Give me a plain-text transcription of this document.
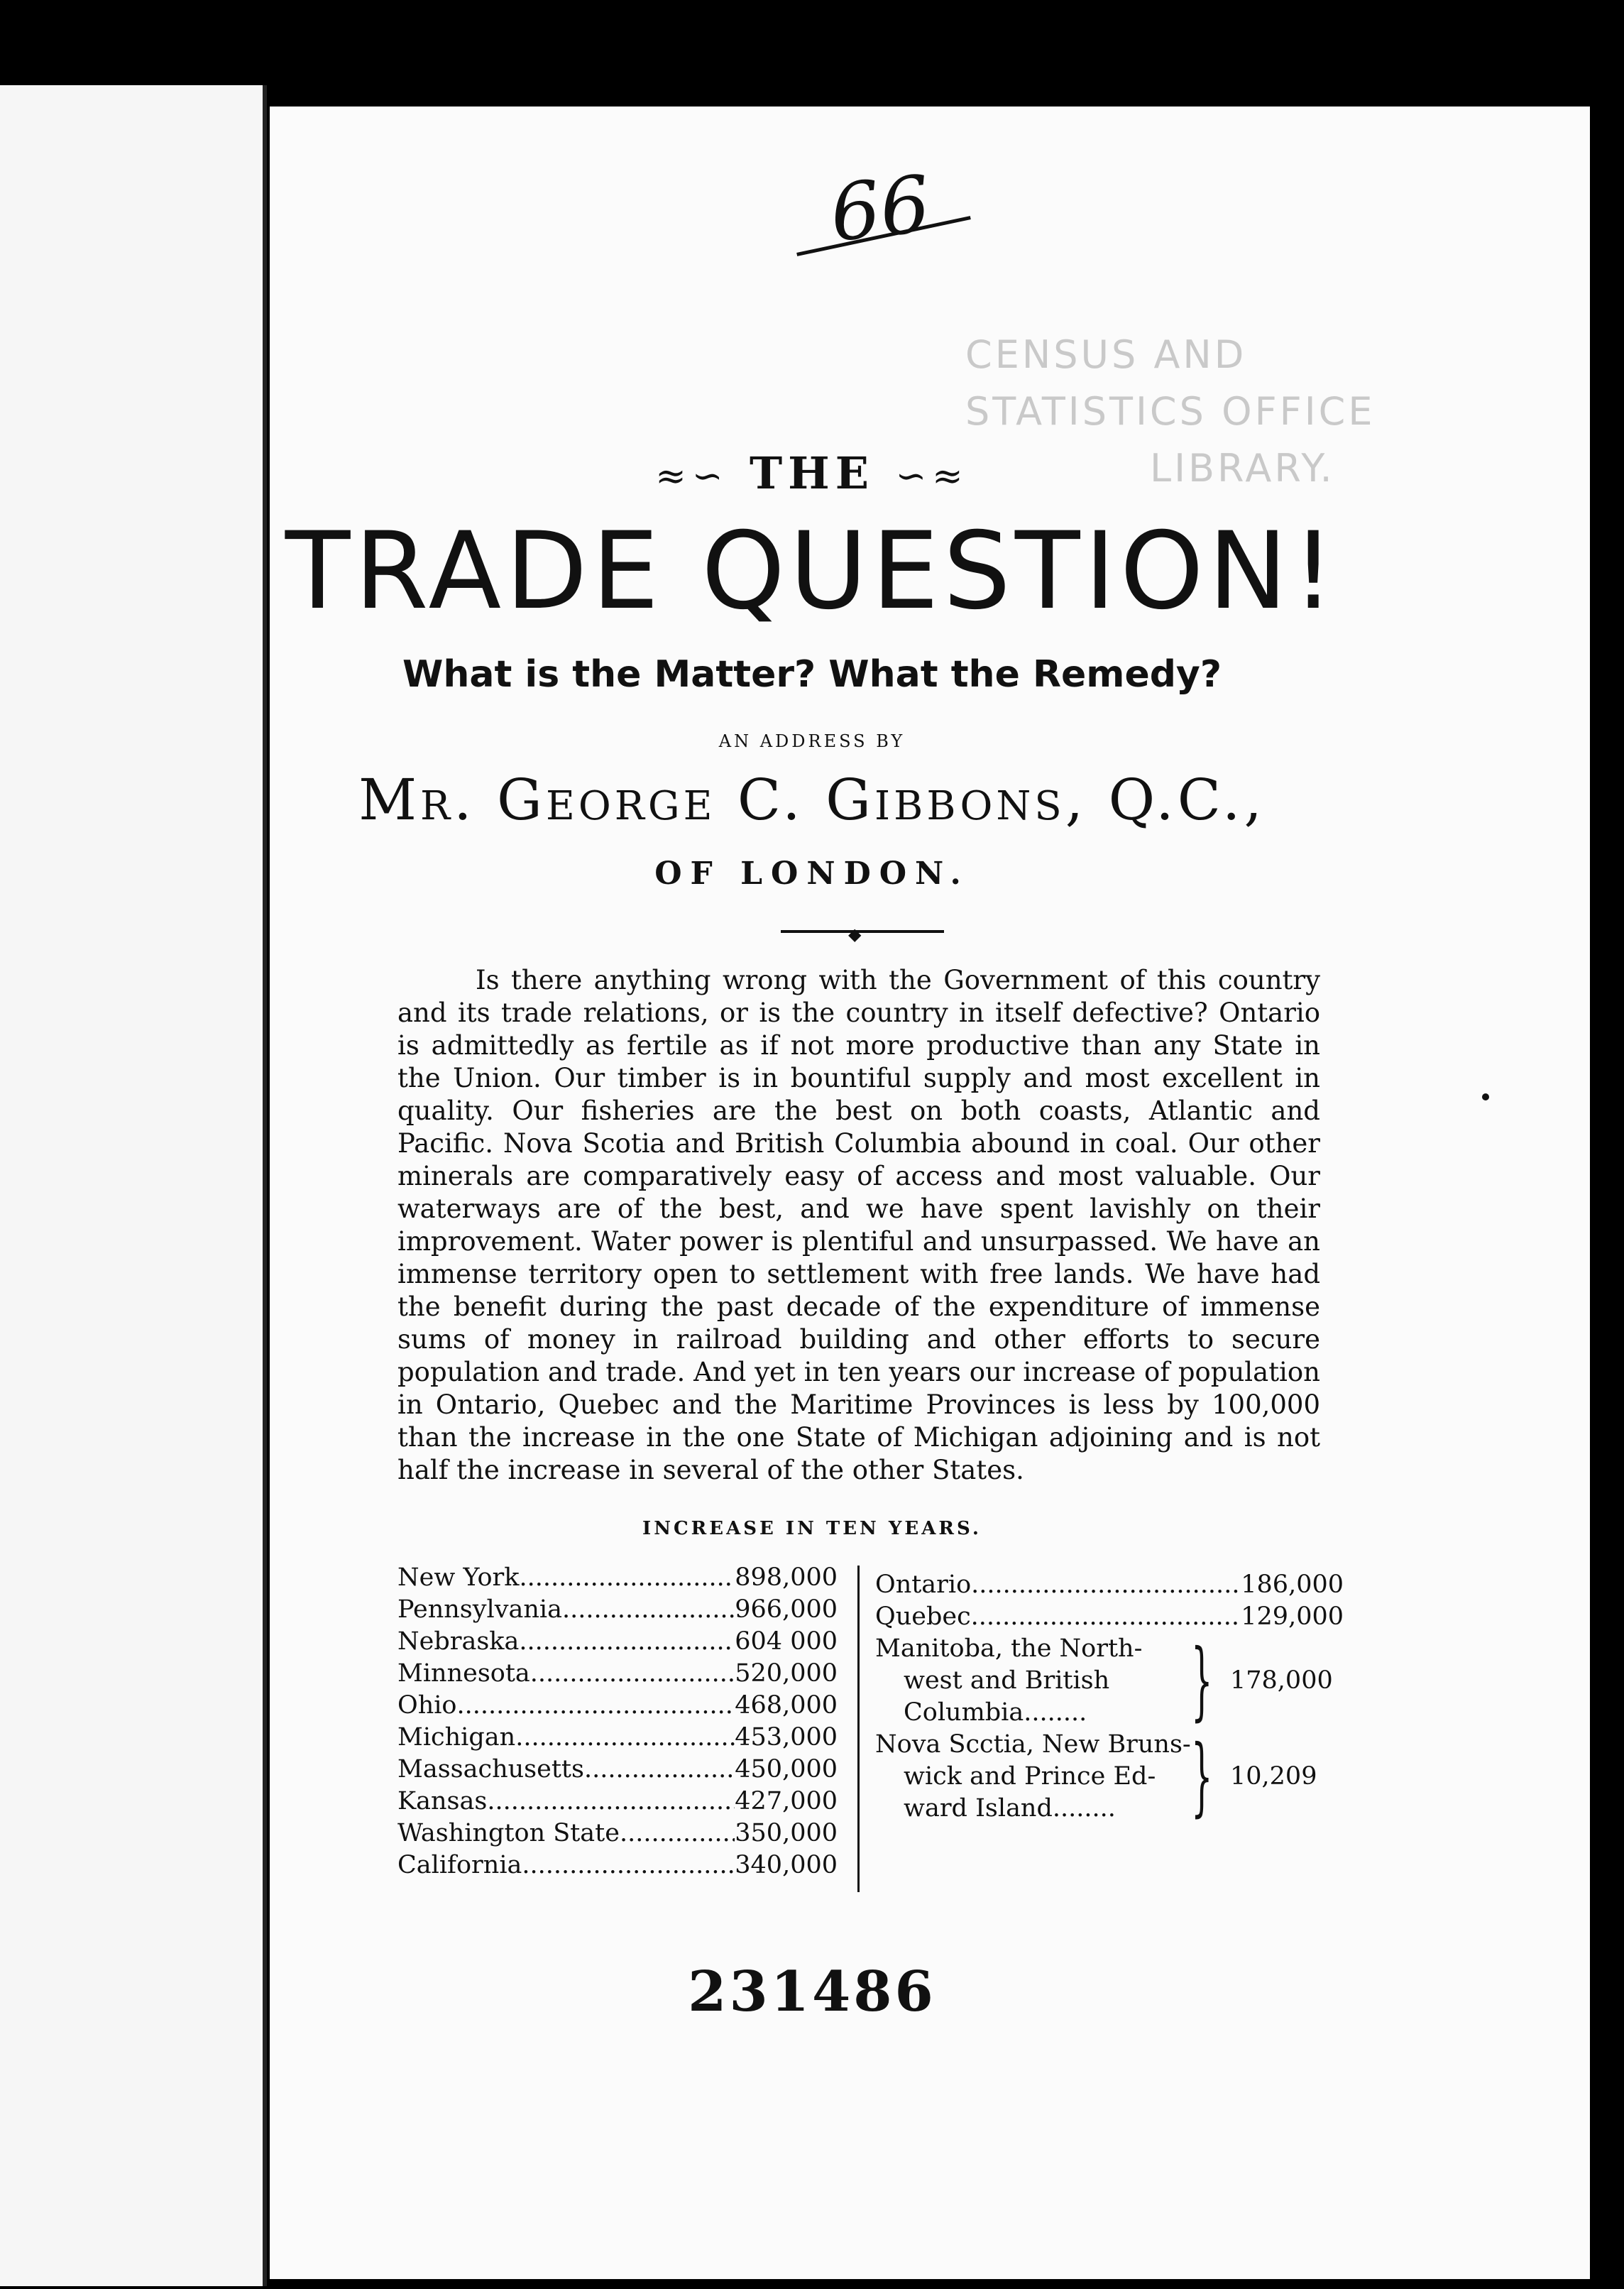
66
CENSUS AND STATISTICS OFFICE
LIBRARY.
≈∽ THE ∽≈
TRADE QUESTION!
What is the Matter? What the Remedy?
AN ADDRESS BY
Mr. George C. Gibbons, Q.C.,
OF LONDON.
◆

Is there anything wrong with the Government of this country and its trade relations, or is the country in itself defective? Ontario is admittedly as fertile as if not more productive than any State in the Union. Our timber is in bountiful supply and most excellent in quality. Our fisheries are the best on both coasts, Atlantic and Pacific. Nova Scotia and British Columbia abound in coal. Our other minerals are comparatively easy of access and most valuable. Our waterways are of the best, and we have spent lavishly on their improvement. Water power is plentiful and unsurpassed. We have an immense territory open to settlement with free lands. We have had the benefit during the past decade of the expenditure of immense sums of money in railroad building and other efforts to secure population and trade. And yet in ten years our increase of population in Ontario, Quebec and the Maritime Provinces is less by 100,000 than the increase in the one State of Michigan adjoining and is not half the increase in several of the other States.

INCREASE IN TEN YEARS.
New York .....	898,000
Pennsylvania .....	966,000
Nebraska .....	604 000
Minnesota .....	520,000
Ohio .....	468,000
Michigan .....	453,000
Massachusetts .....	450,000
Kansas .....	427,000
Washington State .....	350,000
California .....	340,000
Ontario .....	186,000
Quebec .....	129,000
Manitoba, the North-
west and British
Columbia........	} 178,000
Nova Scctia, New Bruns-
wick and Prince Ed-
ward Island........ } 10,209
231486
